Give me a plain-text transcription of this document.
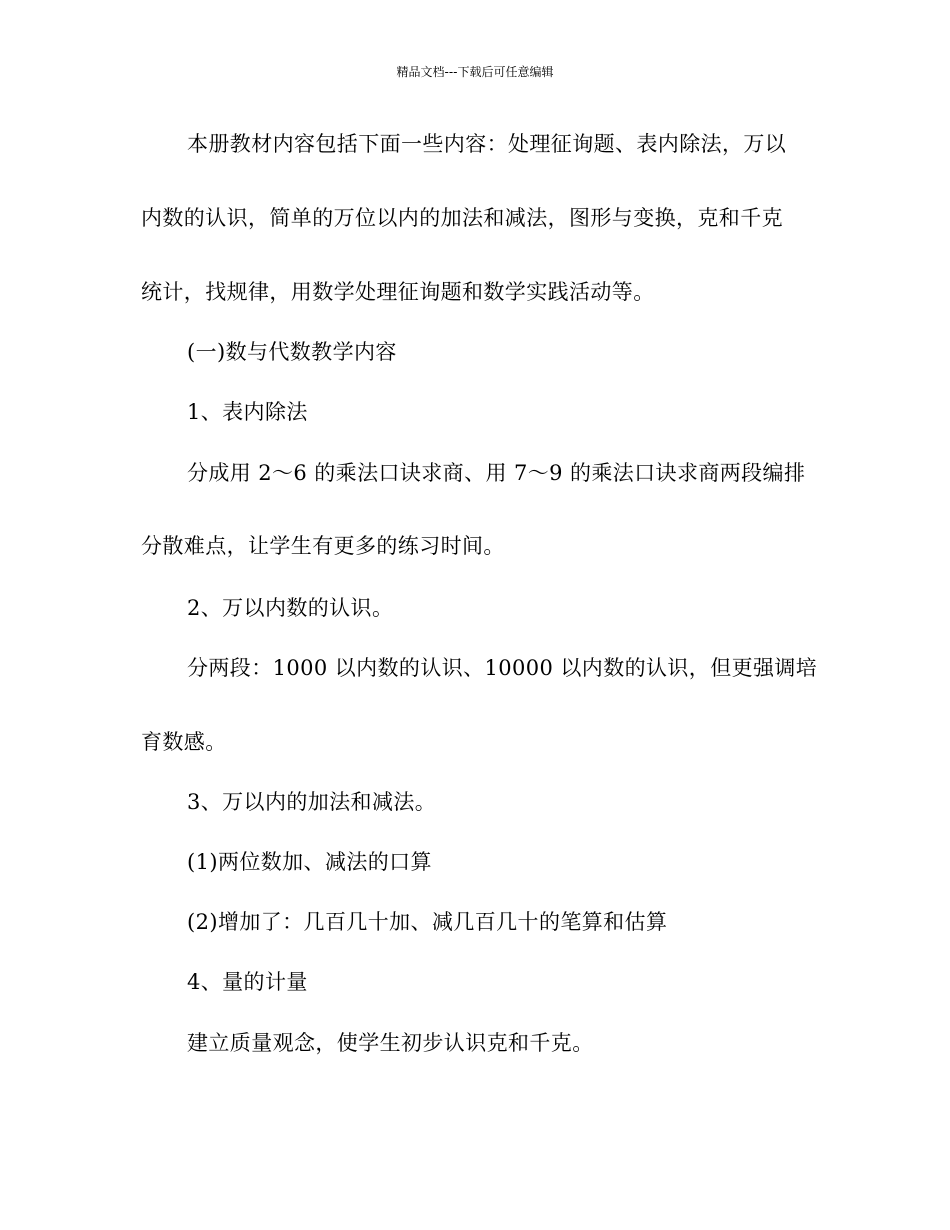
精品文档---下载后可任意编辑
本册教材内容包括下面一些内容：处理征询题、表内除法，万以
内数的认识，简单的万位以内的加法和减法，图形与变换，克和千克
统计，找规律，用数学处理征询题和数学实践活动等。
(一)数与代数教学内容
1、表内除法
分成用 2～6 的乘法口诀求商、用 7～9 的乘法口诀求商两段编排
分散难点，让学生有更多的练习时间。
2、万以内数的认识。
分两段：1000 以内数的认识、10000 以内数的认识，但更强调培
育数感。
3、万以内的加法和减法。
(1)两位数加、减法的口算
(2)增加了：几百几十加、减几百几十的笔算和估算
4、量的计量
建立质量观念，使学生初步认识克和千克。
